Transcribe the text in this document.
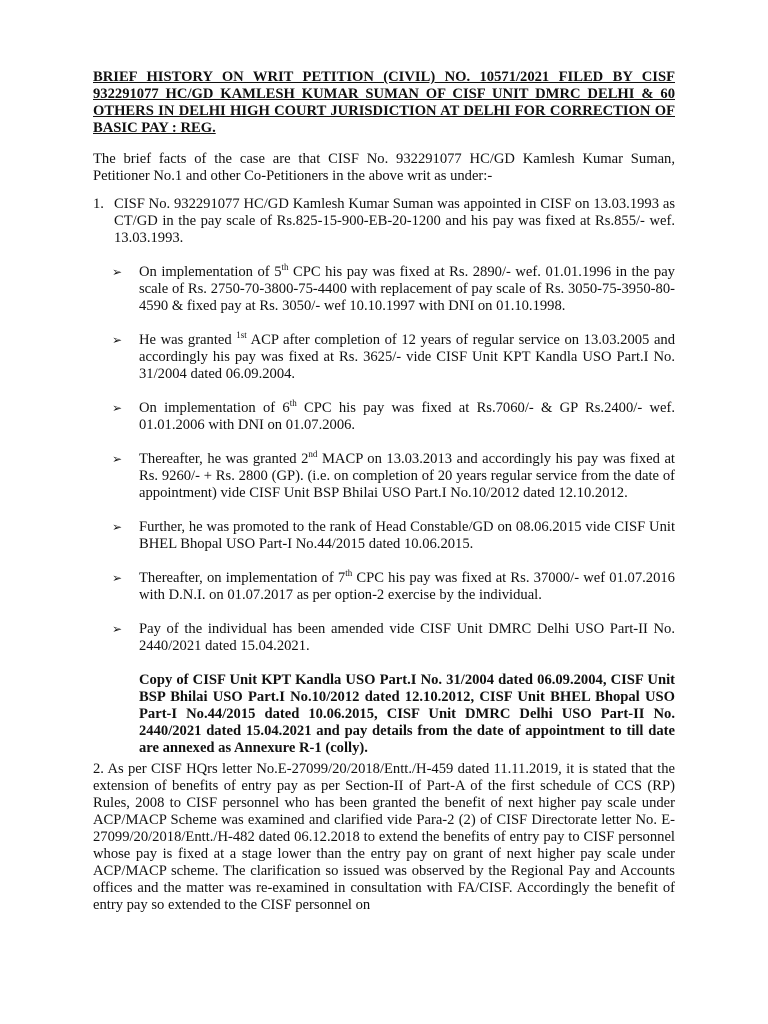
BRIEF HISTORY ON WRIT PETITION (CIVIL) NO. 10571/2021 FILED BY CISF 932291077 HC/GD KAMLESH KUMAR SUMAN OF CISF UNIT DMRC DELHI & 60 OTHERS IN DELHI HIGH COURT JURISDICTION AT DELHI FOR CORRECTION OF BASIC PAY : REG.

The brief facts of the case are that CISF No. 932291077 HC/GD Kamlesh Kumar Suman, Petitioner No.1 and other Co-Petitioners in the above writ as under:-

1. CISF No. 932291077 HC/GD Kamlesh Kumar Suman was appointed in CISF on 13.03.1993 as CT/GD in the pay scale of Rs.825-15-900-EB-20-1200 and his pay was fixed at Rs.855/- wef. 13.03.1993.
➢ On implementation of 5th CPC his pay was fixed at Rs. 2890/- wef. 01.01.1996 in the pay scale of Rs. 2750-70-3800-75-4400 with replacement of pay scale of Rs. 3050-75-3950-80-4590 & fixed pay at Rs. 3050/- wef 10.10.1997 with DNI on 01.10.1998.
➢ He was granted $^{1st}$ ACP after completion of 12 years of regular service on 13.03.2005 and accordingly his pay was fixed at Rs. 3625/- vide CISF Unit KPT Kandla USO Part.I No. 31/2004 dated 06.09.2004.
➢ On implementation of 6th CPC his pay was fixed at Rs.7060/- & GP Rs.2400/- wef. 01.01.2006 with DNI on 01.07.2006.
➢ Thereafter, he was granted 2nd MACP on 13.03.2013 and accordingly his pay was fixed at Rs. 9260/- + Rs. 2800 (GP). (i.e. on completion of 20 years regular service from the date of appointment) vide CISF Unit BSP Bhilai USO Part.I No.10/2012 dated 12.10.2012.
➢ Further, he was promoted to the rank of Head Constable/GD on 08.06.2015 vide CISF Unit BHEL Bhopal USO Part-I No.44/2015 dated 10.06.2015.
➢ Thereafter, on implementation of 7th CPC his pay was fixed at Rs. 37000/- wef 01.07.2016 with D.N.I. on 01.07.2017 as per option-2 exercise by the individual.
➢ Pay of the individual has been amended vide CISF Unit DMRC Delhi USO Part-II No. 2440/2021 dated 15.04.2021.

Copy of CISF Unit KPT Kandla USO Part.I No. 31/2004 dated 06.09.2004, CISF Unit BSP Bhilai USO Part.I No.10/2012 dated 12.10.2012, CISF Unit BHEL Bhopal USO Part-I No.44/2015 dated 10.06.2015, CISF Unit DMRC Delhi USO Part-II No. 2440/2021 dated 15.04.2021 and pay details from the date of appointment to till date are annexed as Annexure R-1 (colly).

2. As per CISF HQrs letter No.E-27099/20/2018/Entt./H-459 dated 11.11.2019, it is stated that the extension of benefits of entry pay as per Section-II of Part-A of the first schedule of CCS (RP) Rules, 2008 to CISF personnel who has been granted the benefit of next higher pay scale under ACP/MACP Scheme was examined and clarified vide Para-2 (2) of CISF Directorate letter No. E-27099/20/2018/Entt./H-482 dated 06.12.2018 to extend the benefits of entry pay to CISF personnel whose pay is fixed at a stage lower than the entry pay on grant of next higher pay scale under ACP/MACP scheme. The clarification so issued was observed by the Regional Pay and Accounts offices and the matter was re-examined in consultation with FA/CISF. Accordingly the benefit of entry pay so extended to the CISF personnel on
